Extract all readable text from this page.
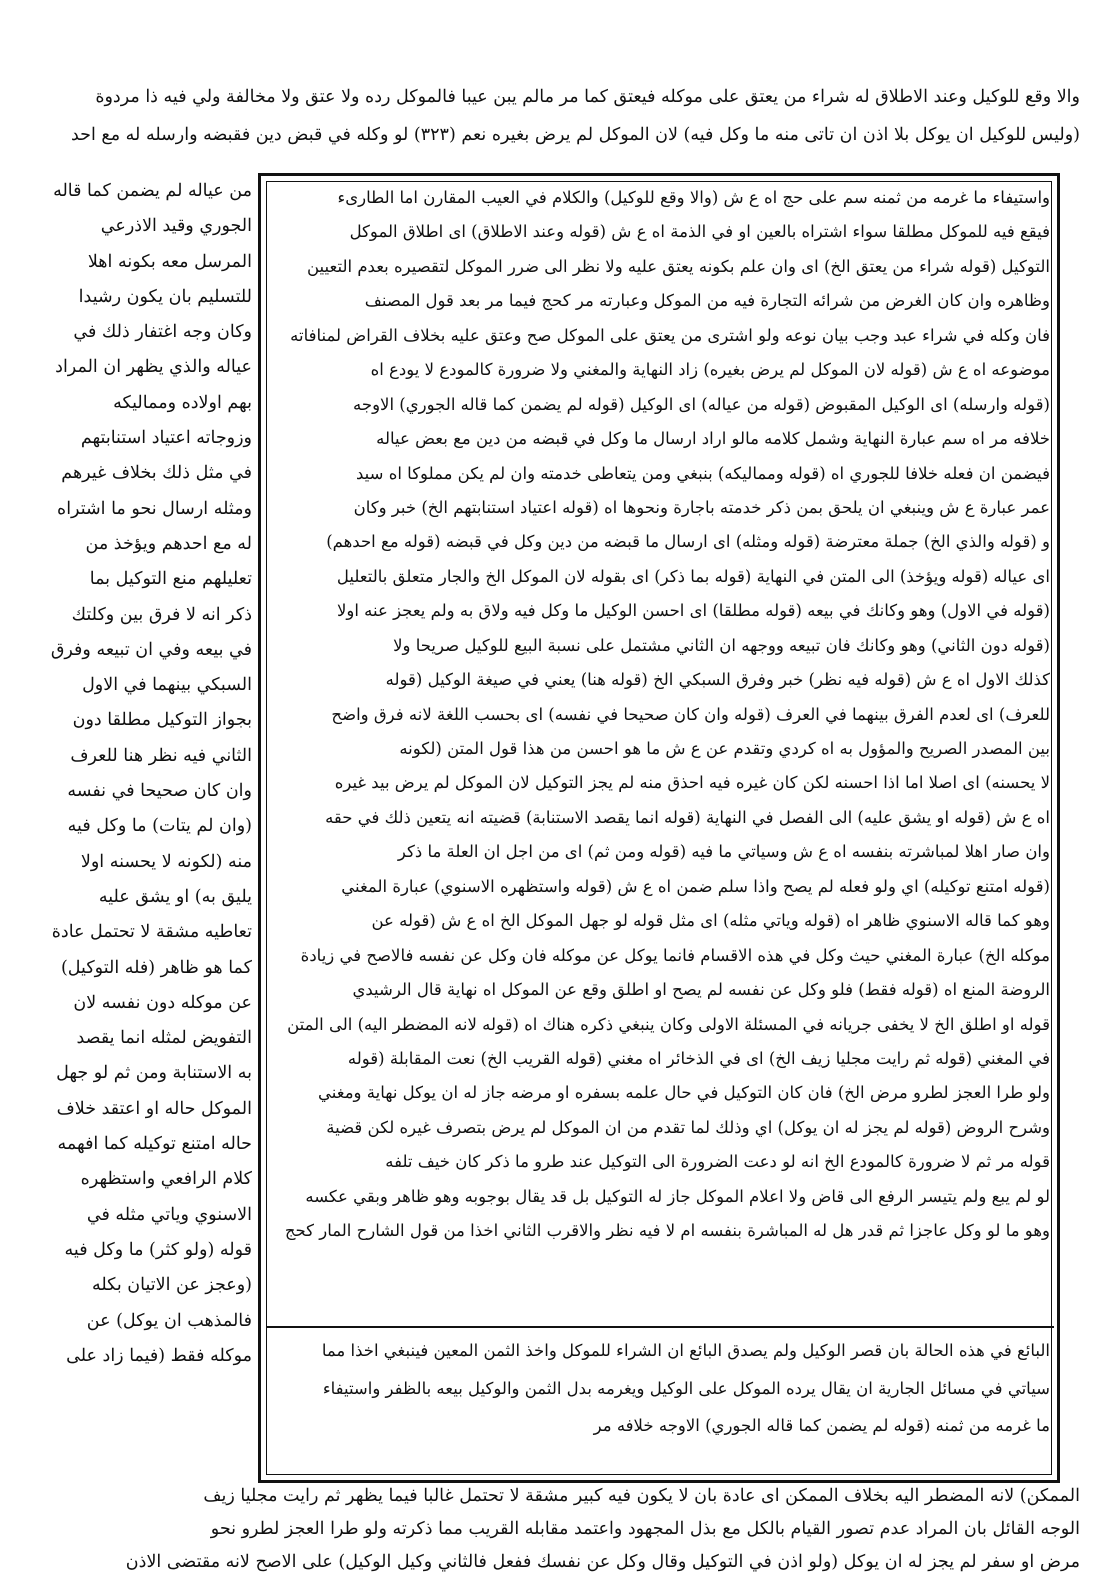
والا وقع للوكيل وعند الاطلاق له شراء من يعتق على موكله فيعتق كما مر مالم يبن عيبا فالموكل رده ولا عتق ولا مخالفة ولي فيه ذا مردوة

(وليس للوكيل ان يوكل بلا اذن ان تاتى منه ما وكل فيه) لان الموكل لم يرض بغيره نعم (٣٢٣) لو وكله في قبض دين فقبضه وارسله له مع احد

واستيفاء ما غرمه من ثمنه سم على حج اه ع ش (والا وقع للوكيل) والكلام في العيب المقارن اما الطارىء

فيقع فيه للموكل مطلقا سواء اشتراه بالعين او في الذمة اه ع ش (قوله وعند الاطلاق) اى اطلاق الموكل

التوكيل (قوله شراء من يعتق الخ) اى وان علم بكونه يعتق عليه ولا نظر الى ضرر الموكل لتقصيره بعدم التعيين

وظاهره وان كان الغرض من شرائه التجارة فيه من الموكل وعبارته مر كحج فيما مر بعد قول المصنف

فان وكله في شراء عبد وجب بيان نوعه ولو اشترى من يعتق على الموكل صح وعتق عليه بخلاف القراض لمنافاته

موضوعه اه ع ش (قوله لان الموكل لم يرض بغيره) زاد النهاية والمغني ولا ضرورة كالمودع لا يودع اه

(قوله وارسله) اى الوكيل المقبوض (قوله من عياله) اى الوكيل (قوله لم يضمن كما قاله الجوري) الاوجه

خلافه مر اه سم عبارة النهاية وشمل كلامه مالو اراد ارسال ما وكل في قبضه من دين مع بعض عياله

فيضمن ان فعله خلافا للجوري اه (قوله ومماليكه) بنبغي ومن يتعاطى خدمته وان لم يكن مملوكا اه سيد

عمر عبارة ع ش وينبغي ان يلحق بمن ذكر خدمته باجارة ونحوها اه (قوله اعتياد استنابتهم الخ) خبر وكان

و (قوله والذي الخ) جملة معترضة (قوله ومثله) اى ارسال ما قبضه من دين وكل في قبضه (قوله مع احدهم)

اى عياله (قوله ويؤخذ) الى المتن في النهاية (قوله بما ذكر) اى بقوله لان الموكل الخ والجار متعلق بالتعليل

(قوله في الاول) وهو وكانك في بيعه (قوله مطلقا) اى احسن الوكيل ما وكل فيه ولاق به ولم يعجز عنه اولا

(قوله دون الثاني) وهو وكانك فان تبيعه ووجهه ان الثاني مشتمل على نسبة البيع للوكيل صريحا ولا

كذلك الاول اه ع ش (قوله فيه نظر) خبر وفرق السبكي الخ (قوله هنا) يعني في صيغة الوكيل (قوله

للعرف) اى لعدم الفرق بينهما في العرف (قوله وان كان صحيحا في نفسه) اى بحسب اللغة لانه فرق واضح

بين المصدر الصريح والمؤول به اه كردي وتقدم عن ع ش ما هو احسن من هذا قول المتن (لكونه

لا يحسنه) اى اصلا اما اذا احسنه لكن كان غيره فيه احذق منه لم يجز التوكيل لان الموكل لم يرض بيد غيره

اه ع ش (قوله او يشق عليه) الى الفصل في النهاية (قوله انما يقصد الاستنابة) قضيته انه يتعين ذلك في حقه

وان صار اهلا لمباشرته بنفسه اه ع ش وسياتي ما فيه (قوله ومن ثم) اى من اجل ان العلة ما ذكر

(قوله امتنع توكيله) اي ولو فعله لم يصح واذا سلم ضمن اه ع ش (قوله واستظهره الاسنوي) عبارة المغني

وهو كما قاله الاسنوي ظاهر اه (قوله وياتي مثله) اى مثل قوله لو جهل الموكل الخ اه ع ش (قوله عن

موكله الخ) عبارة المغني حيث وكل في هذه الاقسام فانما يوكل عن موكله فان وكل عن نفسه فالاصح في زيادة

الروضة المنع اه (قوله فقط) فلو وكل عن نفسه لم يصح او اطلق وقع عن الموكل اه نهاية قال الرشيدي

قوله او اطلق الخ لا يخفى جريانه في المسئلة الاولى وكان ينبغي ذكره هناك اه (قوله لانه المضطر اليه) الى المتن

في المغني (قوله ثم رايت مجليا زيف الخ) اى في الذخائر اه مغني (قوله القريب الخ) نعت المقابلة (قوله

ولو طرا العجز لطرو مرض الخ) فان كان التوكيل في حال علمه بسفره او مرضه جاز له ان يوكل نهاية ومغني

وشرح الروض (قوله لم يجز له ان يوكل) اي وذلك لما تقدم من ان الموكل لم يرض بتصرف غيره لكن قضية

قوله مر ثم لا ضرورة كالمودع الخ انه لو دعت الضرورة الى التوكيل عند طرو ما ذكر كان خيف تلفه

لو لم يبع ولم يتيسر الرفع الى قاض ولا اعلام الموكل جاز له التوكيل بل قد يقال بوجوبه وهو ظاهر وبقي عكسه

وهو ما لو وكل عاجزا ثم قدر هل له المباشرة بنفسه ام لا فيه نظر والاقرب الثاني اخذا من قول الشارح المار كحج

البائع في هذه الحالة بان قصر الوكيل ولم يصدق البائع ان الشراء للموكل واخذ الثمن المعين فينبغي اخذا مما

سياتي في مسائل الجارية ان يقال يرده الموكل على الوكيل ويغرمه بدل الثمن والوكيل بيعه بالظفر واستيفاء

ما غرمه من ثمنه (قوله لم يضمن كما قاله الجوري) الاوجه خلافه مر

من عياله لم يضمن كما قاله

الجوري وقيد الاذرعي

المرسل معه بكونه اهلا

للتسليم بان يكون رشيدا

وكان وجه اغتفار ذلك في

عياله والذي يظهر ان المراد

بهم اولاده ومماليكه

وزوجاته اعتياد استنابتهم

في مثل ذلك بخلاف غيرهم

ومثله ارسال نحو ما اشتراه

له مع احدهم ويؤخذ من

تعليلهم منع التوكيل بما

ذكر انه لا فرق بين وكلتك

في بيعه وفي ان تبيعه وفرق

السبكي بينهما في الاول

بجواز التوكيل مطلقا دون

الثاني فيه نظر هنا للعرف

وان كان صحيحا في نفسه

(وان لم يتات) ما وكل فيه

منه (لكونه لا يحسنه اولا

يليق به) او يشق عليه

تعاطيه مشقة لا تحتمل عادة

كما هو ظاهر (فله التوكيل)

عن موكله دون نفسه لان

التفويض لمثله انما يقصد

به الاستنابة ومن ثم لو جهل

الموكل حاله او اعتقد خلاف

حاله امتنع توكيله كما افهمه

كلام الرافعي واستظهره

الاسنوي وياتي مثله في

قوله (ولو كثر) ما وكل فيه

(وعجز عن الاتيان بكله

فالمذهب ان يوكل) عن

موكله فقط (فيما زاد على

الممكن) لانه المضطر اليه بخلاف الممكن اى عادة بان لا يكون فيه كبير مشقة لا تحتمل غالبا فيما يظهر ثم رايت مجليا زيف

الوجه القائل بان المراد عدم تصور القيام بالكل مع بذل المجهود واعتمد مقابله القريب مما ذكرته ولو طرا العجز لطرو نحو

مرض او سفر لم يجز له ان يوكل (ولو اذن في التوكيل وقال وكل عن نفسك ففعل فالثاني وكيل الوكيل) على الاصح لانه مقتضى الاذن
